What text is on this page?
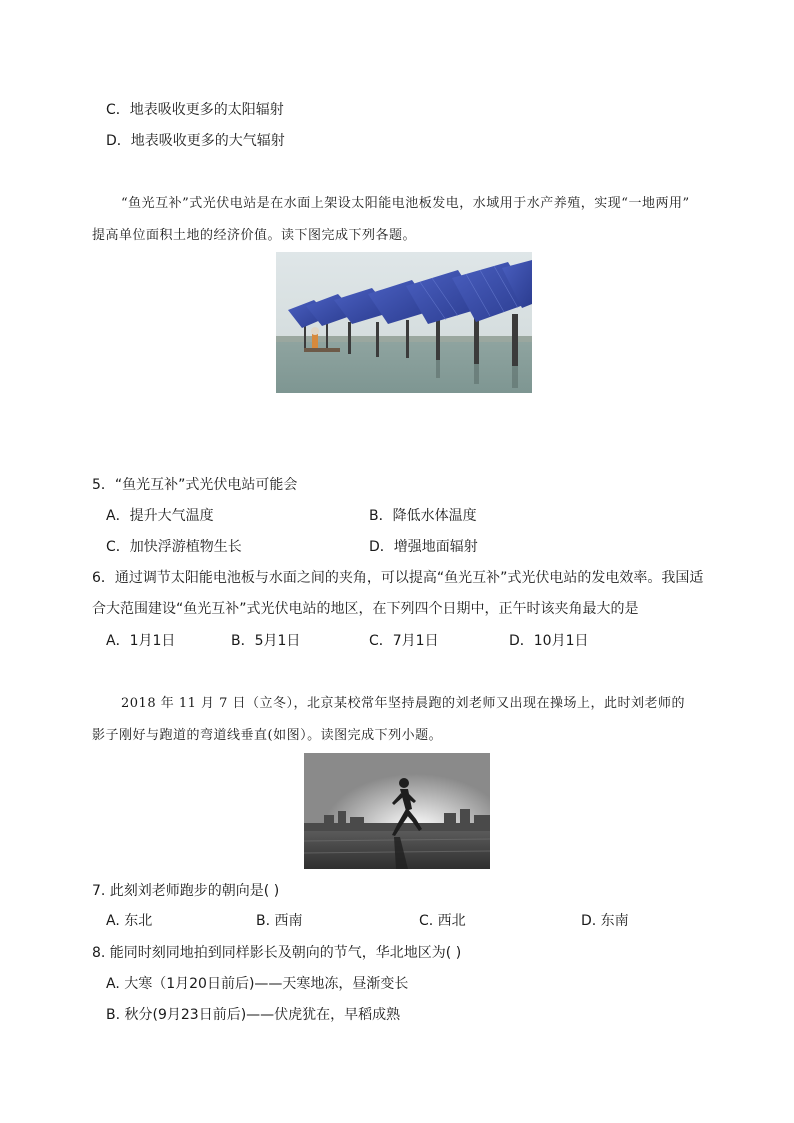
C．地表吸收更多的太阳辐射
D．地表吸收更多的大气辐射
“鱼光互补”式光伏电站是在水面上架设太阳能电池板发电，水域用于水产养殖，实现“一地两用”
提高单位面积土地的经济价值。读下图完成下列各题。
5．“鱼光互补”式光伏电站可能会
A．提升大气温度	B．降低水体温度
C．加快浮游植物生长	D．增强地面辐射
6．通过调节太阳能电池板与水面之间的夹角，可以提高“鱼光互补”式光伏电站的发电效率。我国适
合大范围建设“鱼光互补”式光伏电站的地区，在下列四个日期中，正午时该夹角最大的是
A．1月1日	B．5月1日	C．7月1日	D．10月1日
2018 年 11 月 7 日（立冬），北京某校常年坚持晨跑的刘老师又出现在操场上，此时刘老师的
影子刚好与跑道的弯道线垂直(如图）。读图完成下列小题。
7. 此刻刘老师跑步的朝向是( )
A. 东北	B. 西南	C. 西北	D. 东南
8. 能同时刻同地拍到同样影长及朝向的节气，华北地区为( )
A. 大寒（1月20日前后)——天寒地冻，昼渐变长
B. 秋分(9月23日前后)——伏虎犹在，早稻成熟
